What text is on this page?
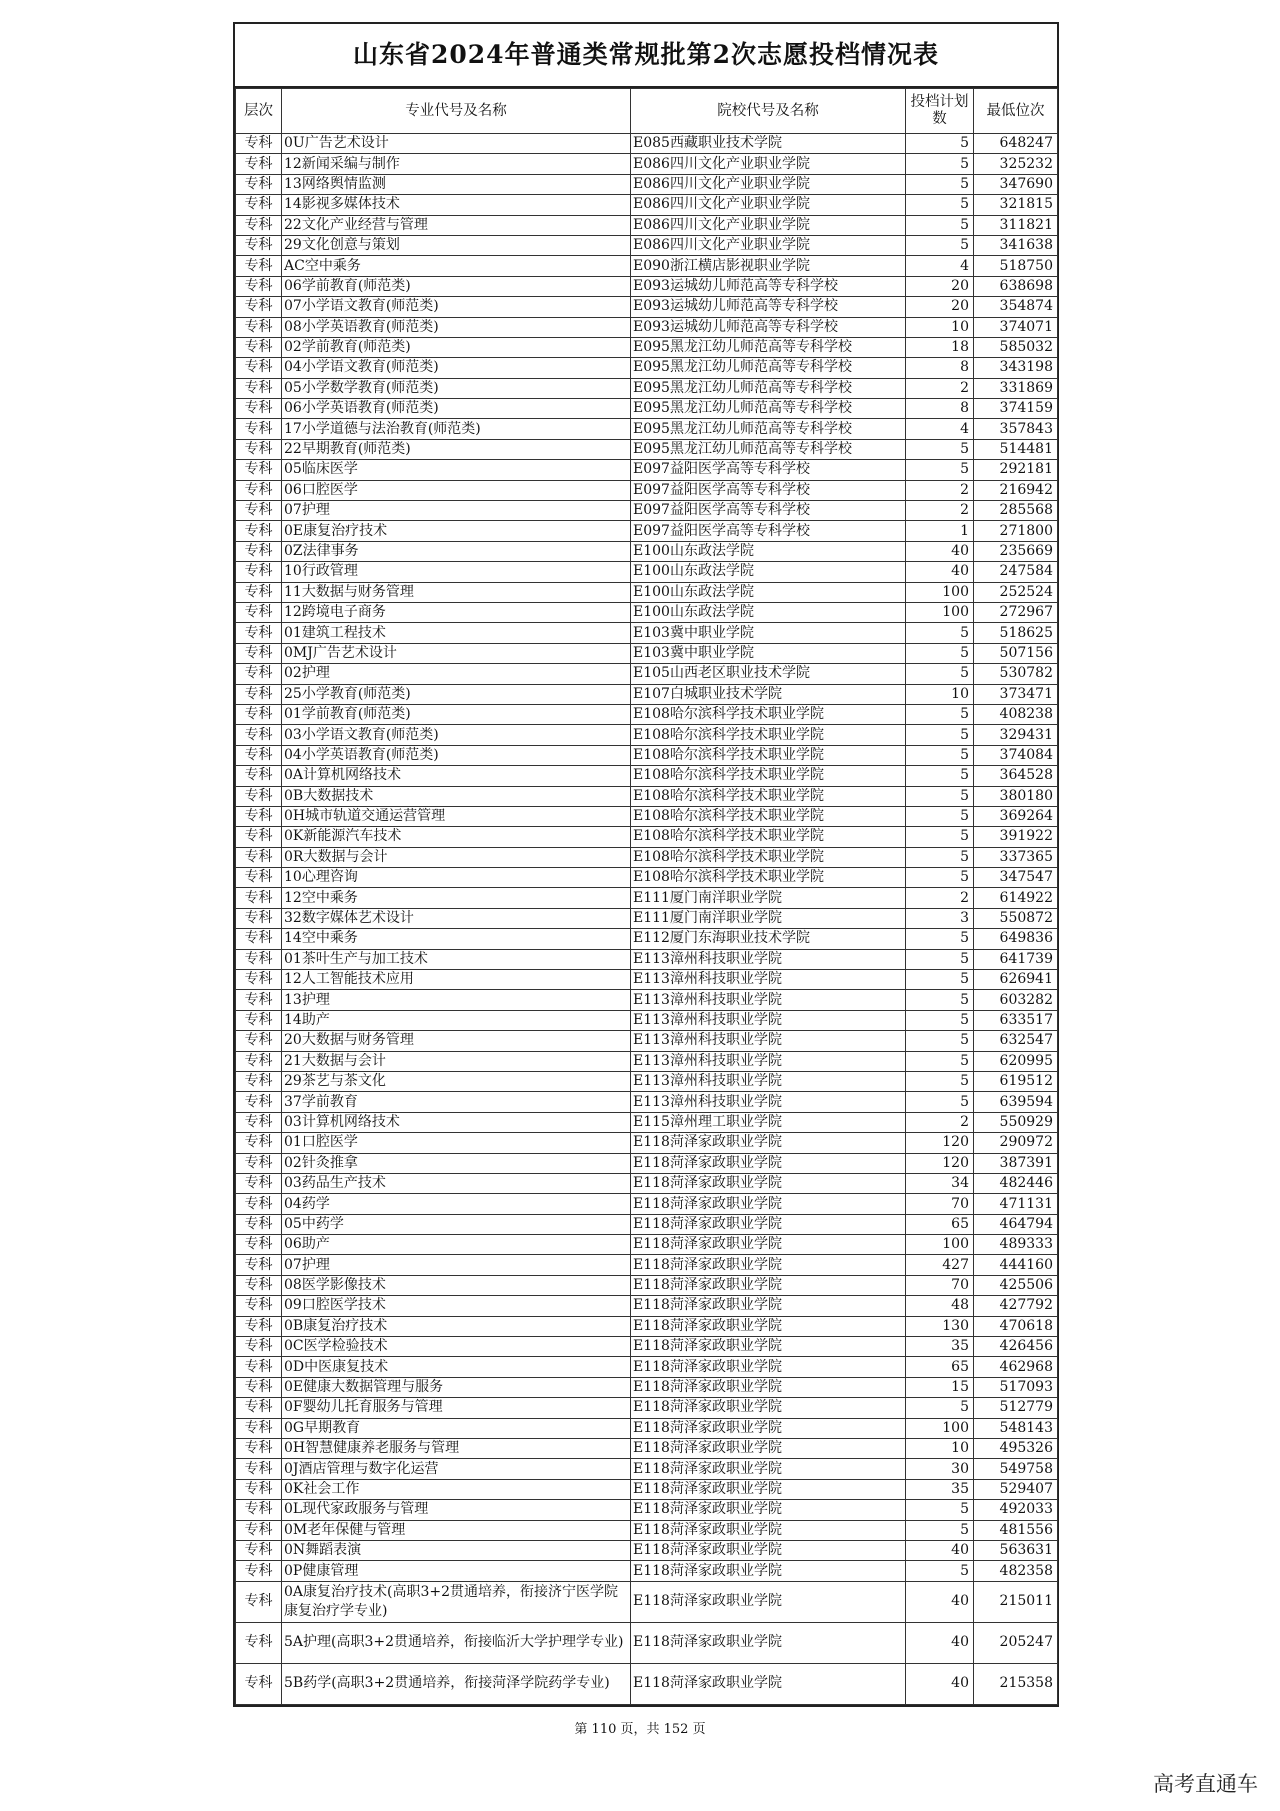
山东省2024年普通类常规批第2次志愿投档情况表
层次	专业代号及名称	院校代号及名称	投档计划数	最低位次
专科	0U广告艺术设计	E085西藏职业技术学院	5	648247
专科	12新闻采编与制作	E086四川文化产业职业学院	5	325232
专科	13网络舆情监测	E086四川文化产业职业学院	5	347690
专科	14影视多媒体技术	E086四川文化产业职业学院	5	321815
专科	22文化产业经营与管理	E086四川文化产业职业学院	5	311821
专科	29文化创意与策划	E086四川文化产业职业学院	5	341638
专科	AC空中乘务	E090浙江横店影视职业学院	4	518750
专科	06学前教育(师范类)	E093运城幼儿师范高等专科学校	20	638698
专科	07小学语文教育(师范类)	E093运城幼儿师范高等专科学校	20	354874
专科	08小学英语教育(师范类)	E093运城幼儿师范高等专科学校	10	374071
专科	02学前教育(师范类)	E095黑龙江幼儿师范高等专科学校	18	585032
专科	04小学语文教育(师范类)	E095黑龙江幼儿师范高等专科学校	8	343198
专科	05小学数学教育(师范类)	E095黑龙江幼儿师范高等专科学校	2	331869
专科	06小学英语教育(师范类)	E095黑龙江幼儿师范高等专科学校	8	374159
专科	17小学道德与法治教育(师范类)	E095黑龙江幼儿师范高等专科学校	4	357843
专科	22早期教育(师范类)	E095黑龙江幼儿师范高等专科学校	5	514481
专科	05临床医学	E097益阳医学高等专科学校	5	292181
专科	06口腔医学	E097益阳医学高等专科学校	2	216942
专科	07护理	E097益阳医学高等专科学校	2	285568
专科	0E康复治疗技术	E097益阳医学高等专科学校	1	271800
专科	0Z法律事务	E100山东政法学院	40	235669
专科	10行政管理	E100山东政法学院	40	247584
专科	11大数据与财务管理	E100山东政法学院	100	252524
专科	12跨境电子商务	E100山东政法学院	100	272967
专科	01建筑工程技术	E103冀中职业学院	5	518625
专科	0MJ广告艺术设计	E103冀中职业学院	5	507156
专科	02护理	E105山西老区职业技术学院	5	530782
专科	25小学教育(师范类)	E107白城职业技术学院	10	373471
专科	01学前教育(师范类)	E108哈尔滨科学技术职业学院	5	408238
专科	03小学语文教育(师范类)	E108哈尔滨科学技术职业学院	5	329431
专科	04小学英语教育(师范类)	E108哈尔滨科学技术职业学院	5	374084
专科	0A计算机网络技术	E108哈尔滨科学技术职业学院	5	364528
专科	0B大数据技术	E108哈尔滨科学技术职业学院	5	380180
专科	0H城市轨道交通运营管理	E108哈尔滨科学技术职业学院	5	369264
专科	0K新能源汽车技术	E108哈尔滨科学技术职业学院	5	391922
专科	0R大数据与会计	E108哈尔滨科学技术职业学院	5	337365
专科	10心理咨询	E108哈尔滨科学技术职业学院	5	347547
专科	12空中乘务	E111厦门南洋职业学院	2	614922
专科	32数字媒体艺术设计	E111厦门南洋职业学院	3	550872
专科	14空中乘务	E112厦门东海职业技术学院	5	649836
专科	01茶叶生产与加工技术	E113漳州科技职业学院	5	641739
专科	12人工智能技术应用	E113漳州科技职业学院	5	626941
专科	13护理	E113漳州科技职业学院	5	603282
专科	14助产	E113漳州科技职业学院	5	633517
专科	20大数据与财务管理	E113漳州科技职业学院	5	632547
专科	21大数据与会计	E113漳州科技职业学院	5	620995
专科	29茶艺与茶文化	E113漳州科技职业学院	5	619512
专科	37学前教育	E113漳州科技职业学院	5	639594
专科	03计算机网络技术	E115漳州理工职业学院	2	550929
专科	01口腔医学	E118菏泽家政职业学院	120	290972
专科	02针灸推拿	E118菏泽家政职业学院	120	387391
专科	03药品生产技术	E118菏泽家政职业学院	34	482446
专科	04药学	E118菏泽家政职业学院	70	471131
专科	05中药学	E118菏泽家政职业学院	65	464794
专科	06助产	E118菏泽家政职业学院	100	489333
专科	07护理	E118菏泽家政职业学院	427	444160
专科	08医学影像技术	E118菏泽家政职业学院	70	425506
专科	09口腔医学技术	E118菏泽家政职业学院	48	427792
专科	0B康复治疗技术	E118菏泽家政职业学院	130	470618
专科	0C医学检验技术	E118菏泽家政职业学院	35	426456
专科	0D中医康复技术	E118菏泽家政职业学院	65	462968
专科	0E健康大数据管理与服务	E118菏泽家政职业学院	15	517093
专科	0F婴幼儿托育服务与管理	E118菏泽家政职业学院	5	512779
专科	0G早期教育	E118菏泽家政职业学院	100	548143
专科	0H智慧健康养老服务与管理	E118菏泽家政职业学院	10	495326
专科	0J酒店管理与数字化运营	E118菏泽家政职业学院	30	549758
专科	0K社会工作	E118菏泽家政职业学院	35	529407
专科	0L现代家政服务与管理	E118菏泽家政职业学院	5	492033
专科	0M老年保健与管理	E118菏泽家政职业学院	5	481556
专科	0N舞蹈表演	E118菏泽家政职业学院	40	563631
专科	0P健康管理	E118菏泽家政职业学院	5	482358
专科	0A康复治疗技术(高职3+2贯通培养，衔接济宁医学院康复治疗学专业)	E118菏泽家政职业学院	40	215011
专科	5A护理(高职3+2贯通培养，衔接临沂大学护理学专业)	E118菏泽家政职业学院	40	205247
专科	5B药学(高职3+2贯通培养，衔接菏泽学院药学专业)	E118菏泽家政职业学院	40	215358
第 110 页，共 152 页
高考直通车
